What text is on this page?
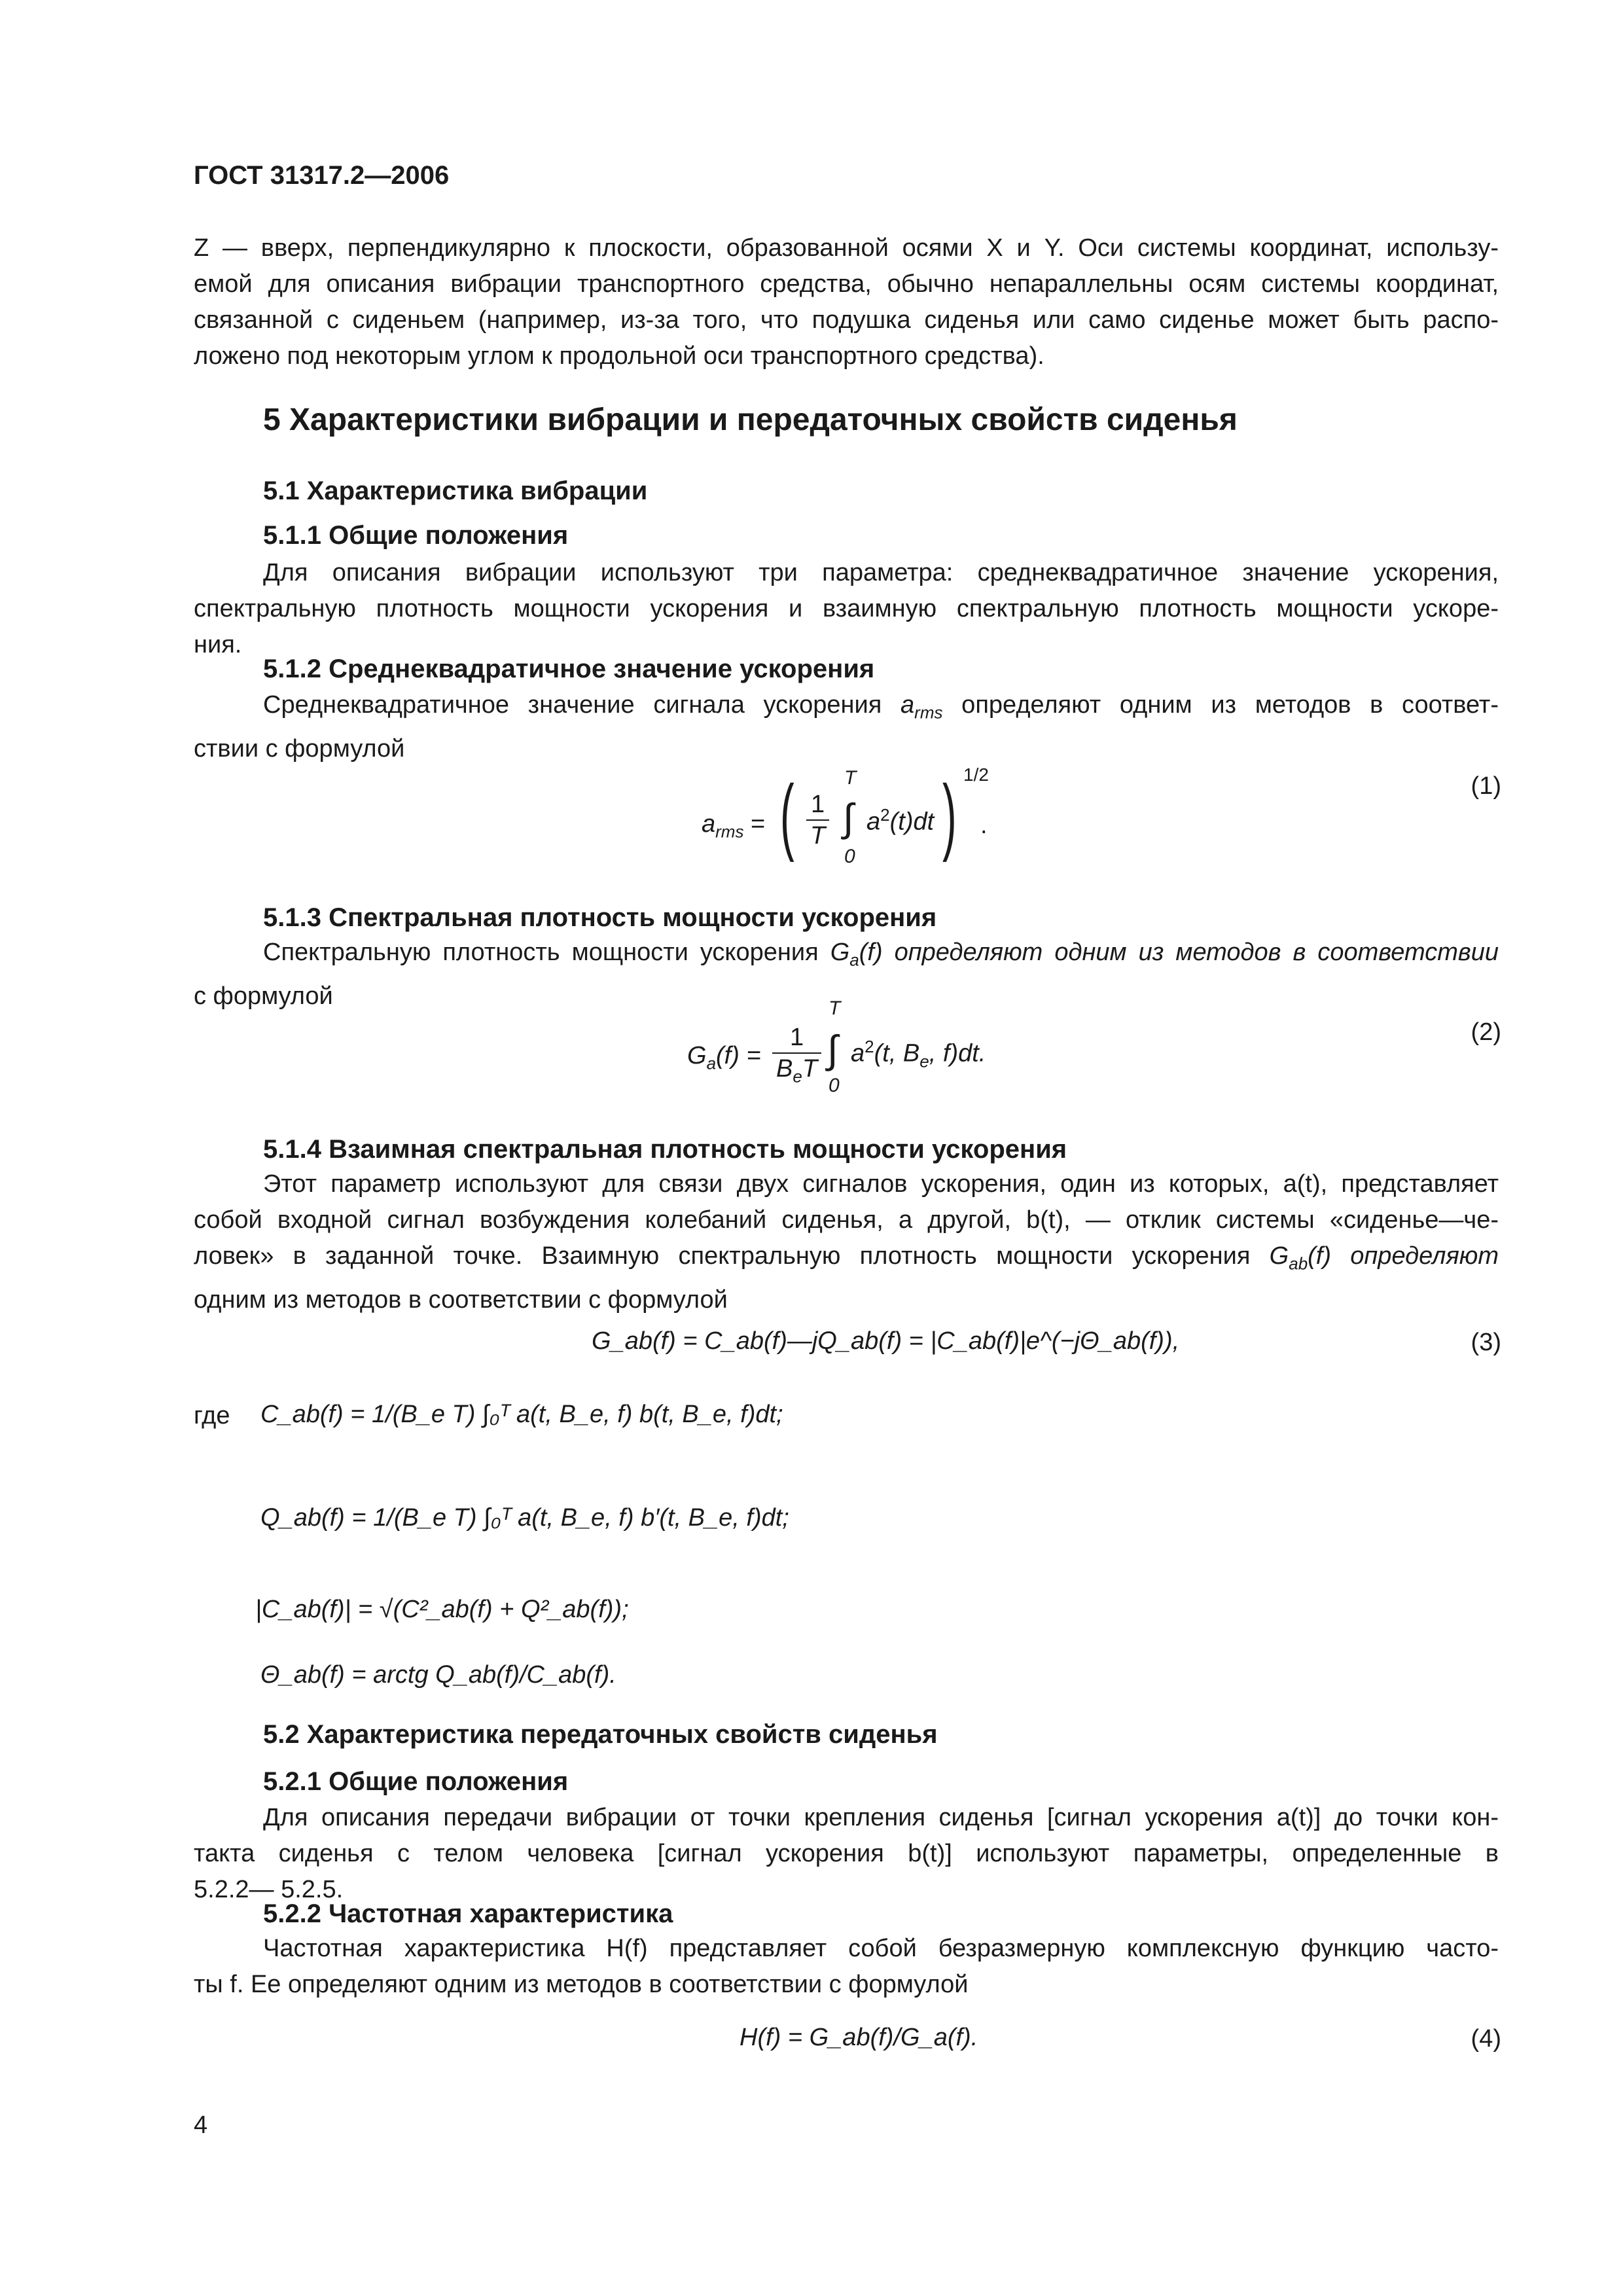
ГОСТ 31317.2—2006
Z — вверх, перпендикулярно к плоскости, образованной осями X и Y. Оси системы координат, использу-
емой для описания вибрации транспортного средства, обычно непараллельны осям системы координат,
связанной с сиденьем (например, из-за того, что подушка сиденья или само сиденье может быть распо-
ложено под некоторым углом к продольной оси транспортного средства).
5 Характеристики вибрации и передаточных свойств сиденья
5.1 Характеристика вибрации
5.1.1 Общие положения
Для описания вибрации используют три параметра: среднеквадратичное значение ускорения,
спектральную плотность мощности ускорения и взаимную спектральную плотность мощности ускоре-
ния.
5.1.2 Среднеквадратичное значение ускорения
Среднеквадратичное значение сигнала ускорения $a_{rms}$ определяют одним из методов в соответ-
ствии с формулой
$a_{rms}$ = ( $\frac{1}{T}$ ∫
T
0
$a^2(t)dt$ ) 1/2
.
(1)
5.1.3 Спектральная плотность мощности ускорения
Спектральную плотность мощности ускорения $G_a(f)$ определяют одним из методов в соответствии
с формулой
$G_a(f)$ =
1
$B_eT$ ∫
T
0
$a^2(t$, $B_e$, f)dt.
(2)
5.1.4 Взаимная спектральная плотность мощности ускорения
Этот параметр используют для связи двух сигналов ускорения, один из которых, a(t), представляет
собой входной сигнал возбуждения колебаний сиденья, а другой, b(t), — отклик системы «сиденье—че-
ловек» в заданной точке. Взаимную спектральную плотность мощности ускорения $G_{ab}(f)$ определяют
одним из методов в соответствии с формулой
G_ab(f) = C_ab(f)—jQ_ab(f) = |C_ab(f)|e^(−jΘ_ab(f)),	(3)
где C_ab(f) = 1/(B_e T) ∫₀ᵀ a(t, B_e, f) b(t, B_e, f)dt;
Q_ab(f) = 1/(B_e T) ∫₀ᵀ a(t, B_e, f) b′(t, B_e, f)dt;
|C_ab(f)| = √(C²_ab(f) + Q²_ab(f));
Θ_ab(f) = arctg Q_ab(f)/C_ab(f).
5.2 Характеристика передаточных свойств сиденья
5.2.1 Общие положения
Для описания передачи вибрации от точки крепления сиденья [сигнал ускорения a(t)] до точки кон-
такта сиденья с телом человека [сигнал ускорения b(t)] используют параметры, определенные в
5.2.2— 5.2.5.
5.2.2 Частотная характеристика
Частотная характеристика H(f) представляет собой безразмерную комплексную функцию часто-
ты f. Ее определяют одним из методов в соответствии с формулой
H(f) = G_ab(f)/G_a(f).	(4)
4
